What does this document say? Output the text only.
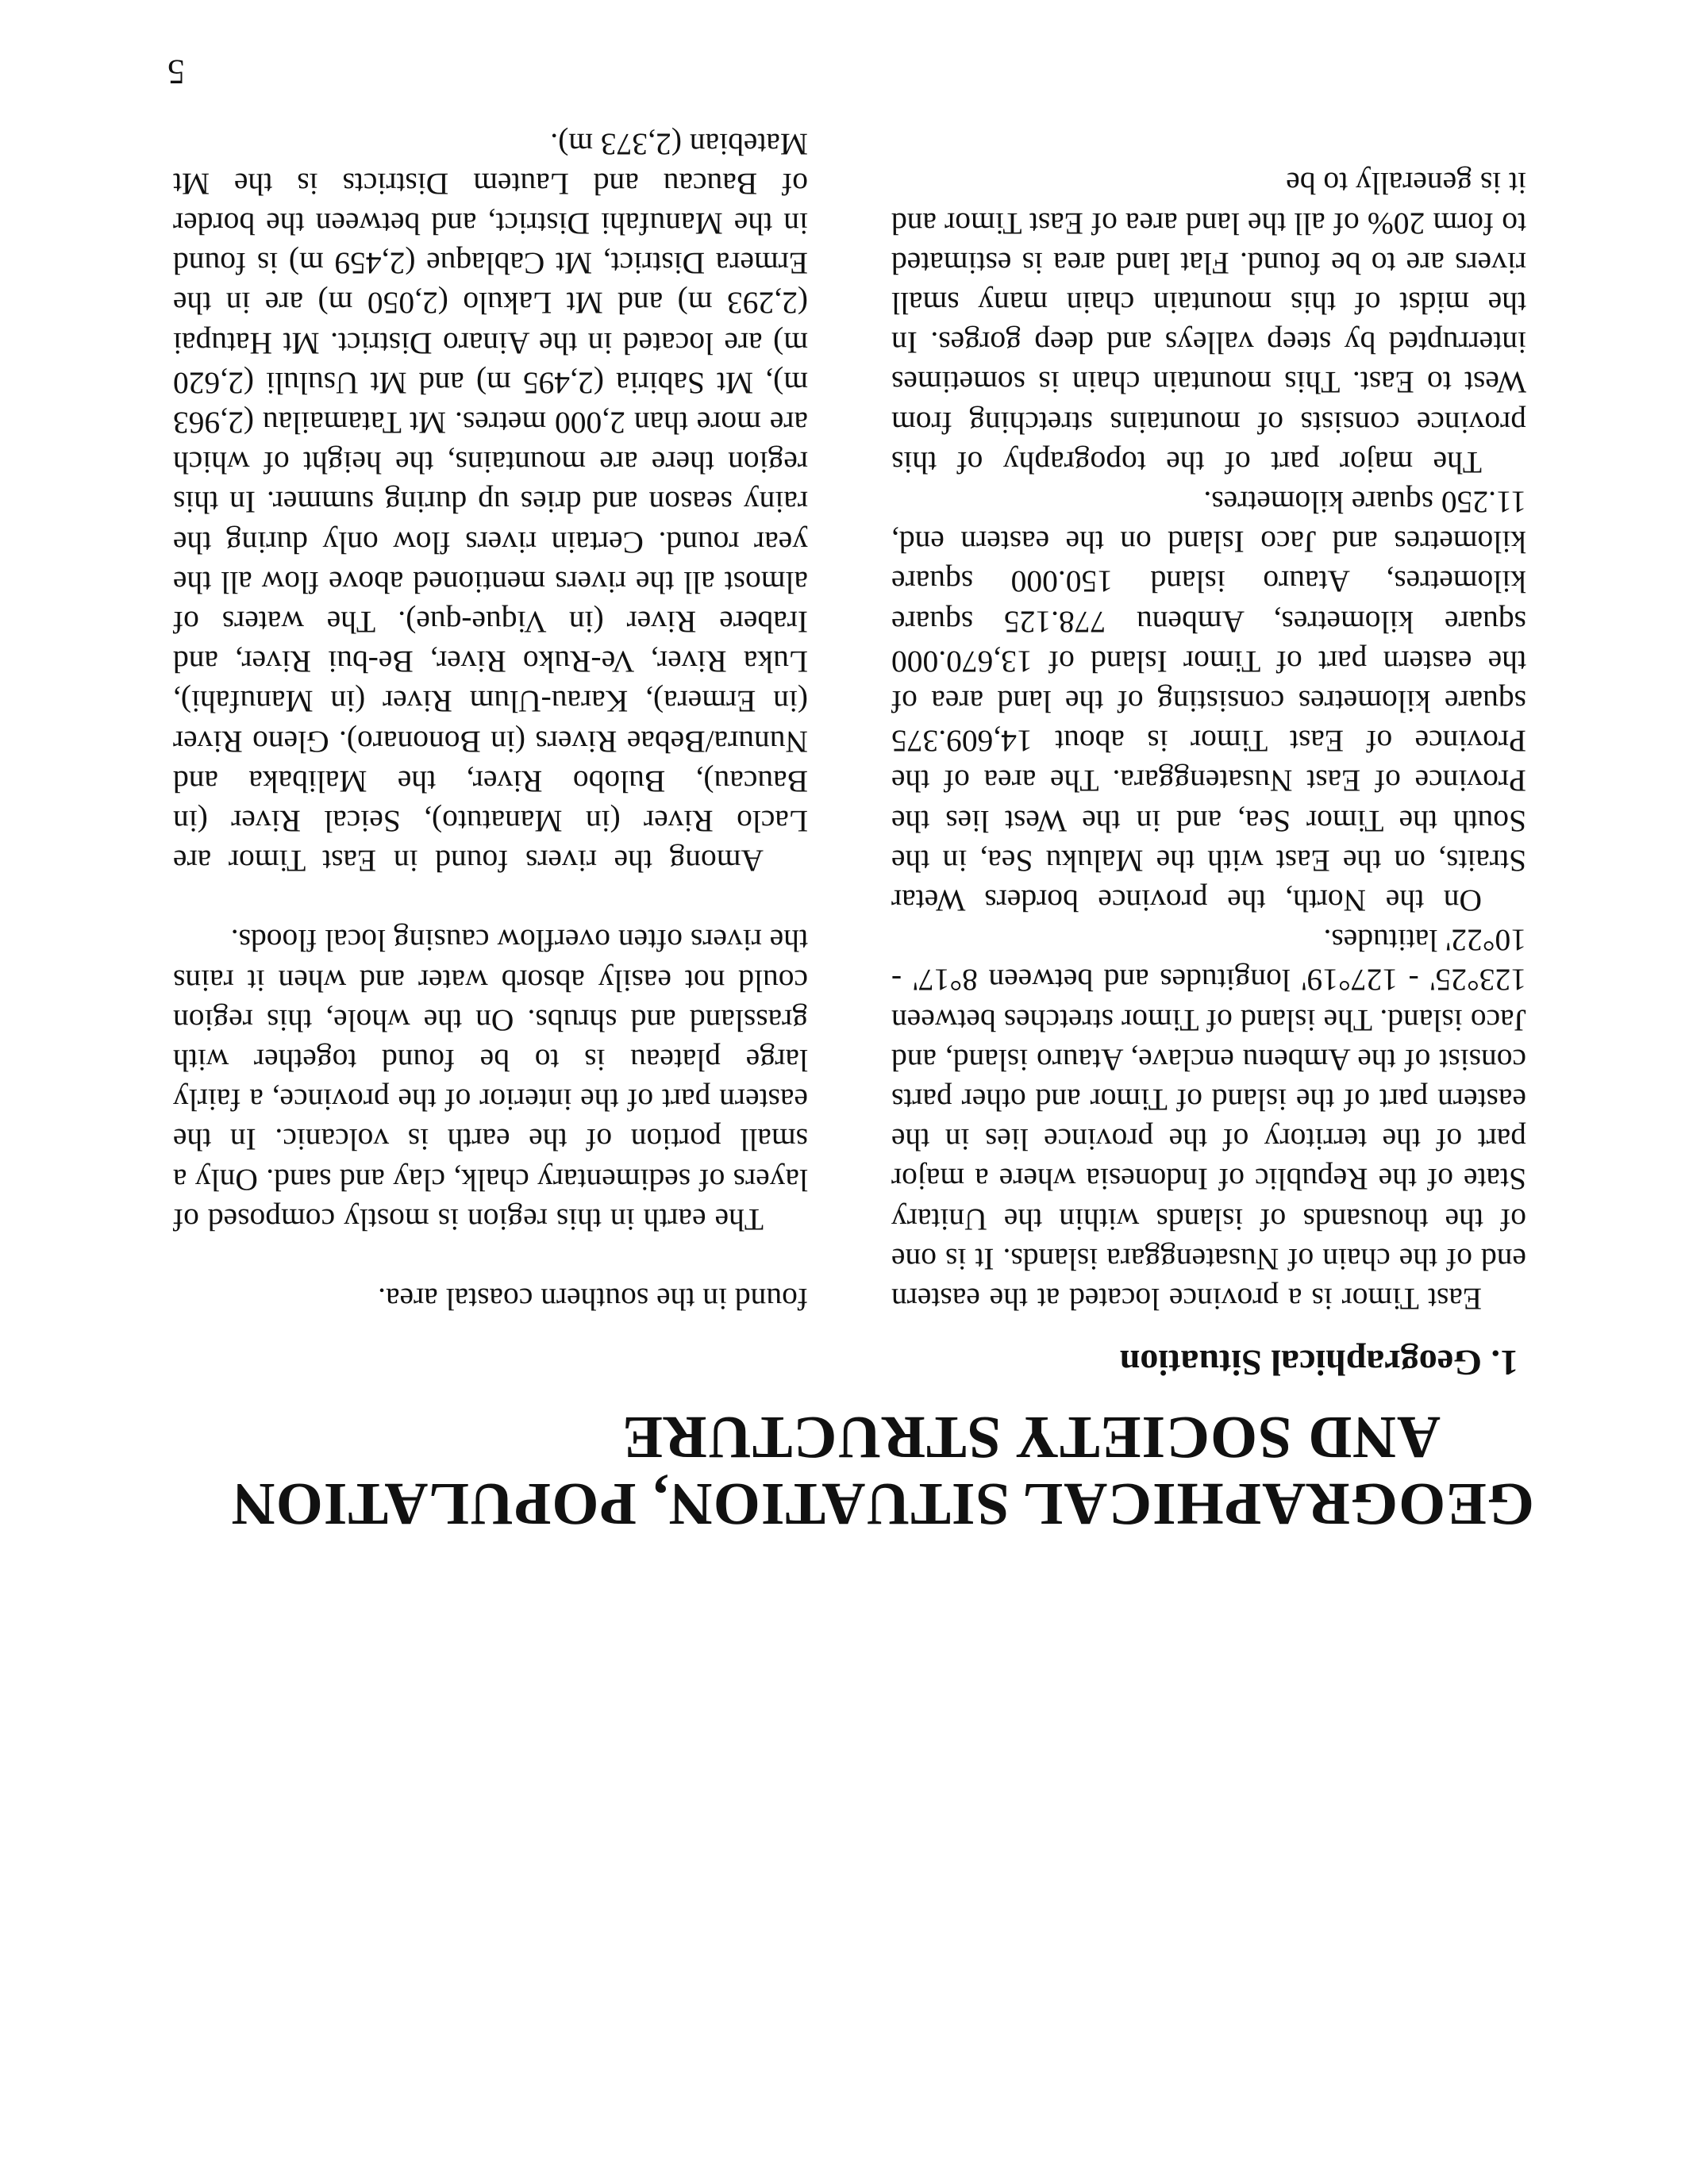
GEOGRAPHICAL SITUATION, POPULATION
AND SOCIETY STRUCTURE
1. Geographical Situation

East Timor is a province located at the eastern end of the chain of Nusatenggara islands. It is one of the thousands of islands within the Unitary State of the Republic of Indonesia where a major part of the territory of the province lies in the eastern part of the island of Timor and other parts consist of the Ambenu enclave, Atauro island, and Jaco island. The island of Timor stretches between 123°25' - 127°19' longitudes and between 8°17' - 10°22' latitudes.

On the North, the province borders Wetar Straits, on the East with the Maluku Sea, in the South the Timor Sea, and in the West lies the Province of East Nusatenggara. The area of the Province of East Timor is about 14,609.375 square kilometres consisting of the land area of the eastern part of Timor Island of 13,670.000 square kilometres, Ambenu 778.125 square kilometres, Atauro island 150.000 square kilometres and Jaco Island on the eastern end, 11.250 square kilometres.

The major part of the topography of this province consists of mountains stretching from West to East. This mountain chain is sometimes interrupted by steep valleys and deep gorges. In the midst of this mountain chain many small rivers are to be found. Flat land area is estimated to form 20% of all the land area of East Timor and it is generally to be

found in the southern coastal area.

The earth in this region is mostly composed of layers of sedimentary chalk, clay and sand. Only a small portion of the earth is volcanic. In the eastern part of the interior of the province, a fairly large plateau is to be found together with grassland and shrubs. On the whole, this region could not easily absorb water and when it rains the rivers often overflow causing local floods.

Among the rivers found in East Timor are Laclo River (in Manatuto), Seical River (in Baucau), Bulobo River, the Malibaka and Nunura/Bebae Rivers (in Bononaro). Gleno River (in Ermera), Karau-Ulum River (in Manufahi), Luka River, Ve-Ruko River, Be-bui River, and Irabere River (in Vique-que). The waters of almost all the rivers mentioned above flow all the year round. Certain rivers flow only during the rainy season and dries up during summer. In this region there are mountains, the height of which are more than 2,000 metres. Mt Tatamailau (2,963 m), Mt Sabiria (2,495 m) and Mt Usululi (2,620 m) are located in the Ainaro District. Mt Hatupai (2,293 m) and Mt Lakulo (2,050 m) are in the Ermera District, Mt Cablaque (2,459 m) is found in the Manufahi District, and between the border of Baucau and Lautem Districts is the Mt Matebian (2,373 m).

5
